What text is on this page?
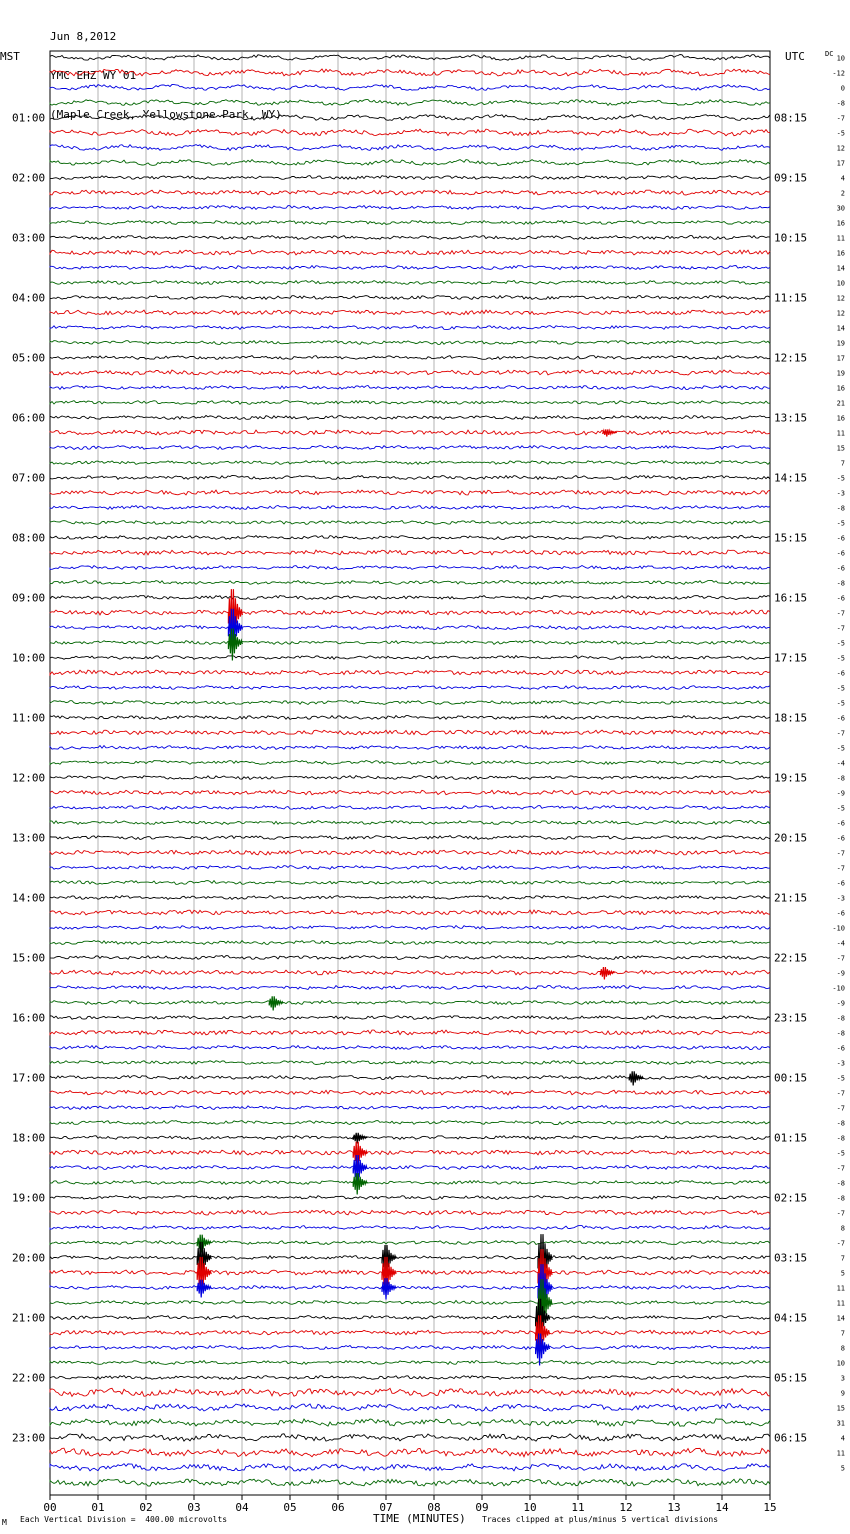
Jun 8,2012

YMC EHZ WY 01

(Maple Creek, Yellowstone Park, WY)

MST	UTC	DC
01:00
02:00
03:00
04:00
05:00
06:00
07:00
08:00
09:00
10:00
11:00
12:00
13:00
14:00
15:00
16:00
17:00
18:00
19:00
20:00
21:00
22:00
23:00
08:15
09:15
10:15
11:15
12:15
13:15
14:15
15:15
16:15
17:15
18:15
19:15
20:15
21:15
22:15
23:15
00:15
01:15
02:15
03:15
04:15
05:15
06:15
10
-12
0
-8
-7
-5
12
17
4
2
30
16
11
16
14
10
12
12
14
19
17
19
16
21
16
11
15
7
-5
-3
-8
-5
-6
-6
-6
-8
-6
-7
-7
-5
-5
-6
-5
-5
-6
-7
-5
-4
-8
-9
-5
-6
-6
-7
-7
-6
-3
-6
-10
-4
-7
-9
-10
-9
-8
-8
-6
-3
-5
-7
-7
-8
-8
-5
-7
-8
-8
-7
8
-7
7
5
11
11
14
7
8
10
3
9
15
31
4
11
5
00	01	02	03	04	05	06	07	08	09	10	11	12	13	14	15
TIME (MINUTES)
M Each Vertical Division =  400.00 microvolts	Traces clipped at plus/minus 5 vertical divisions
